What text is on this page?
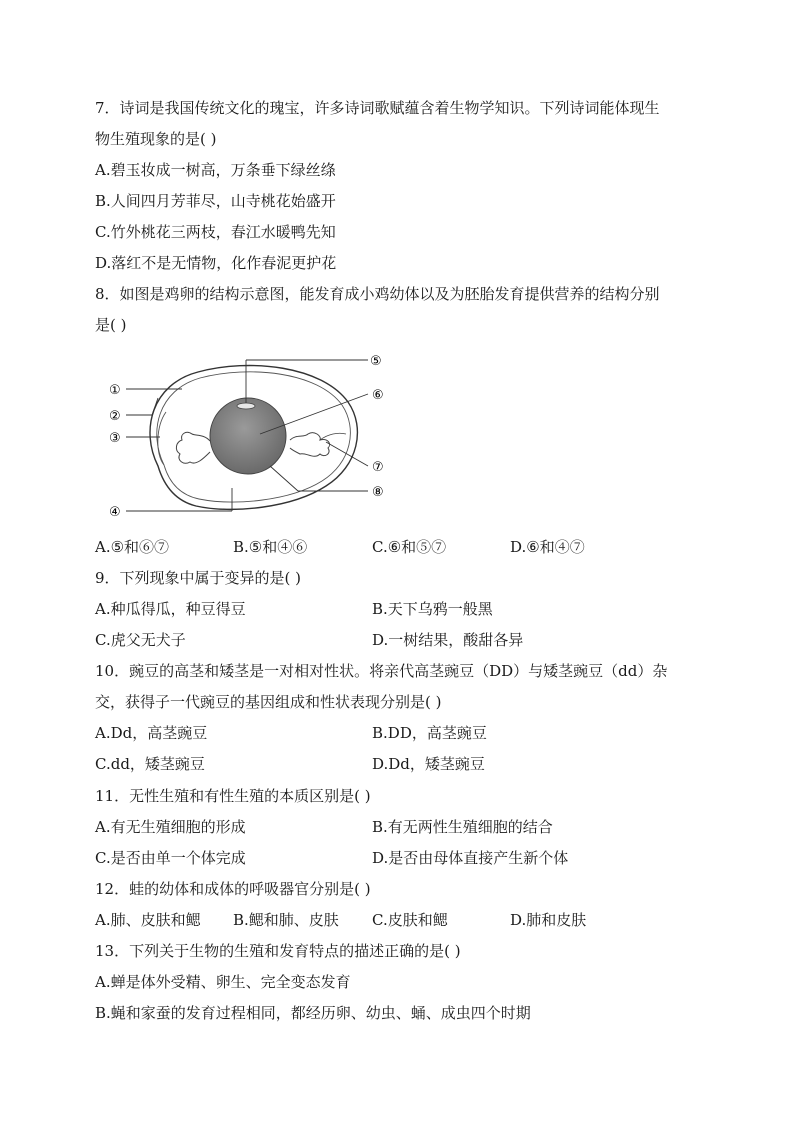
7．诗词是我国传统文化的瑰宝，许多诗词歌赋蕴含着生物学知识。下列诗词能体现生
物生殖现象的是( )
A.碧玉妆成一树高，万条垂下绿丝绦
B.人间四月芳菲尽，山寺桃花始盛开
C.竹外桃花三两枝，春江水暖鸭先知
D.落红不是无情物，化作春泥更护花
8．如图是鸡卵的结构示意图，能发育成小鸡幼体以及为胚胎发育提供营养的结构分别
是( )
①
②
③
④
⑤
⑥
⑦
⑧
A.⑤和⑥⑦	B.⑤和④⑥	C.⑥和⑤⑦	D.⑥和④⑦
9．下列现象中属于变异的是( )
A.种瓜得瓜，种豆得豆	B.天下乌鸦一般黑
C.虎父无犬子	D.一树结果，酸甜各异
10．豌豆的高茎和矮茎是一对相对性状。将亲代高茎豌豆（DD）与矮茎豌豆（dd）杂
交，获得子一代豌豆的基因组成和性状表现分别是( )
A.Dd，高茎豌豆	B.DD，高茎豌豆
C.dd，矮茎豌豆	D.Dd，矮茎豌豆
11．无性生殖和有性生殖的本质区别是( )
A.有无生殖细胞的形成	B.有无两性生殖细胞的结合
C.是否由单一个体完成	D.是否由母体直接产生新个体
12．蛙的幼体和成体的呼吸器官分别是( )
A.肺、皮肤和鳃 B.鳃和肺、皮肤 C.皮肤和鳃	D.肺和皮肤
13．下列关于生物的生殖和发育特点的描述正确的是( )
A.蝉是体外受精、卵生、完全变态发育
B.蝇和家蚕的发育过程相同，都经历卵、幼虫、蛹、成虫四个时期
